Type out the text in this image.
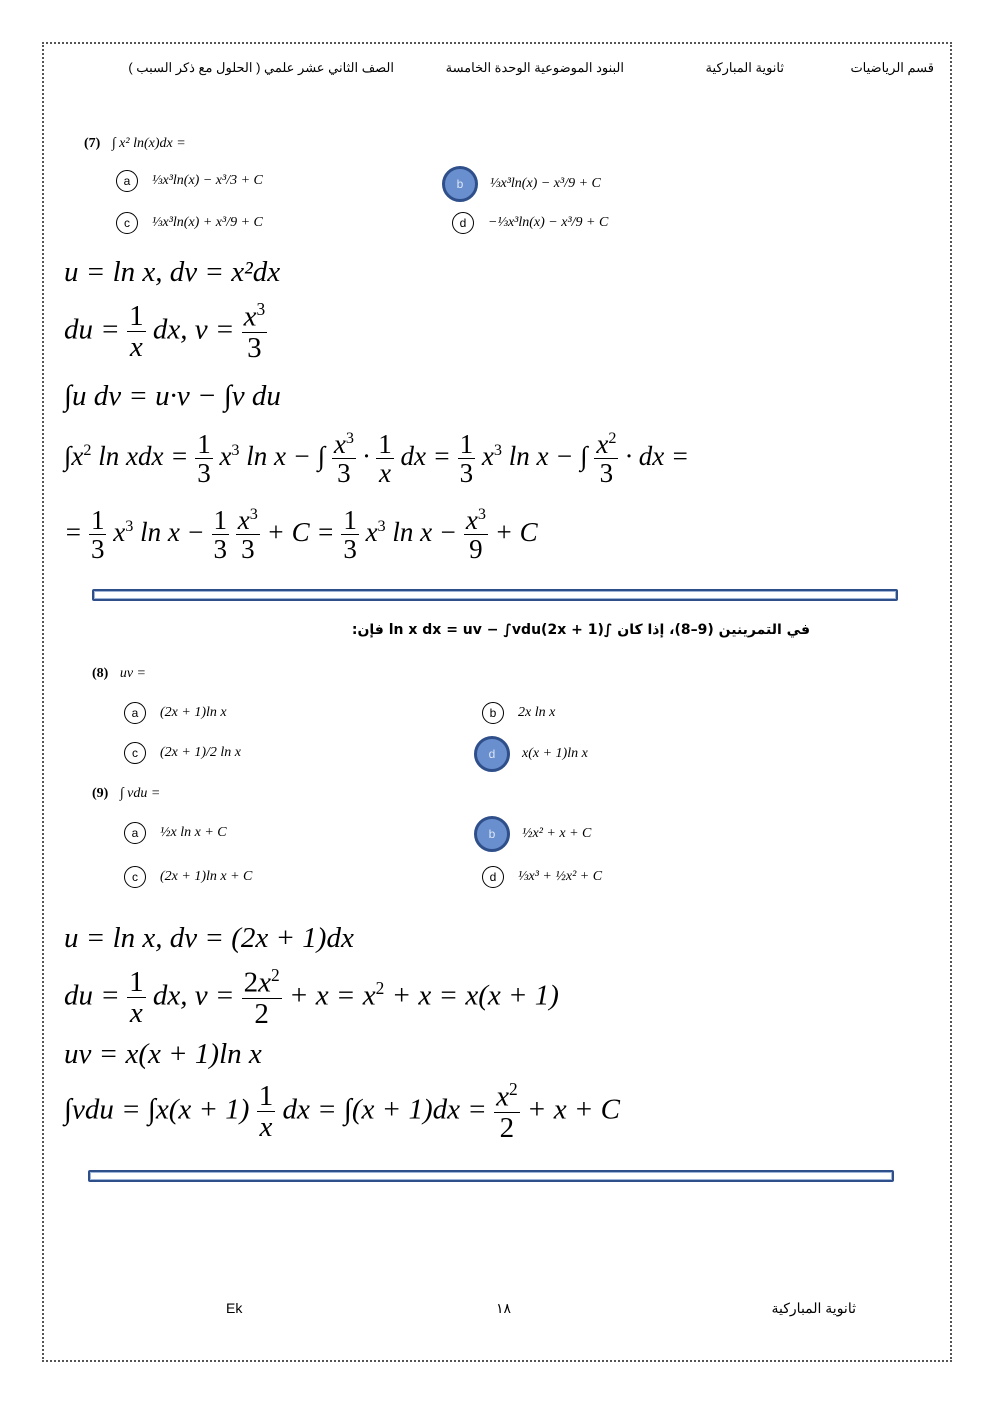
قسم الرياضيات
ثانوية المباركية
البنود الموضوعية الوحدة الخامسة
الصف الثاني عشر علمي ( الحلول مع ذكر السبب )
(7) ∫ x² ln(x)dx =
a	⅓x³ln(x) − x³/3 + C	b	⅓x³ln(x) − x³/9 + C
c	⅓x³ln(x) + x³/9 + C	d	−⅓x³ln(x) − x³/9 + C
u = ln x, dv = x²dx
du = $\frac{1}{x}$ dx, $v = \frac{x^3}{3}$
∫u dv = u·v − ∫v du
$\int x^2$ ln xdx = $\frac{1}{3} x^3$ ln x − ∫ $\frac{x^3}{3} \cdot \frac{1}{x}$ dx = $\frac{1}{3} x^3$ ln x − ∫ $\frac{x^2}{3}$ · dx =
= $\frac{1}{3} x^3$ $\ln x - \frac{1}{3}$
$\frac{x^3}{3} + C = \frac{1}{3} x^3$ $\ln x - \frac{x^3}{9} + C$
في التمرينين (9–8)، إذا كان ∫(2x + 1)ln x dx = uv − ∫vdu فإن:
(8) uv =
a	(2x + 1)ln x	b	2x ln x
c	(2x + 1)/2 ln x	d	x(x + 1)ln x
(9) ∫ vdu =
a	½x ln x + C	b	½x² + x + C
c	(2x + 1)ln x + C	d	⅓x³ + ½x² + C
u = ln x, dv = (2x + 1)dx
du = $\frac{1}{x}$ dx, $v = \frac{2x^2}{2} + x = x^2 + x = x(x + 1)$
uv = x(x + 1)ln x
$\int vdu = \int x(x + 1) \frac{1}{x}$ dx = $\int(x + 1)dx = \frac{x^2}{2} + x + C$
Ek	١٨	ثانوية المباركية
